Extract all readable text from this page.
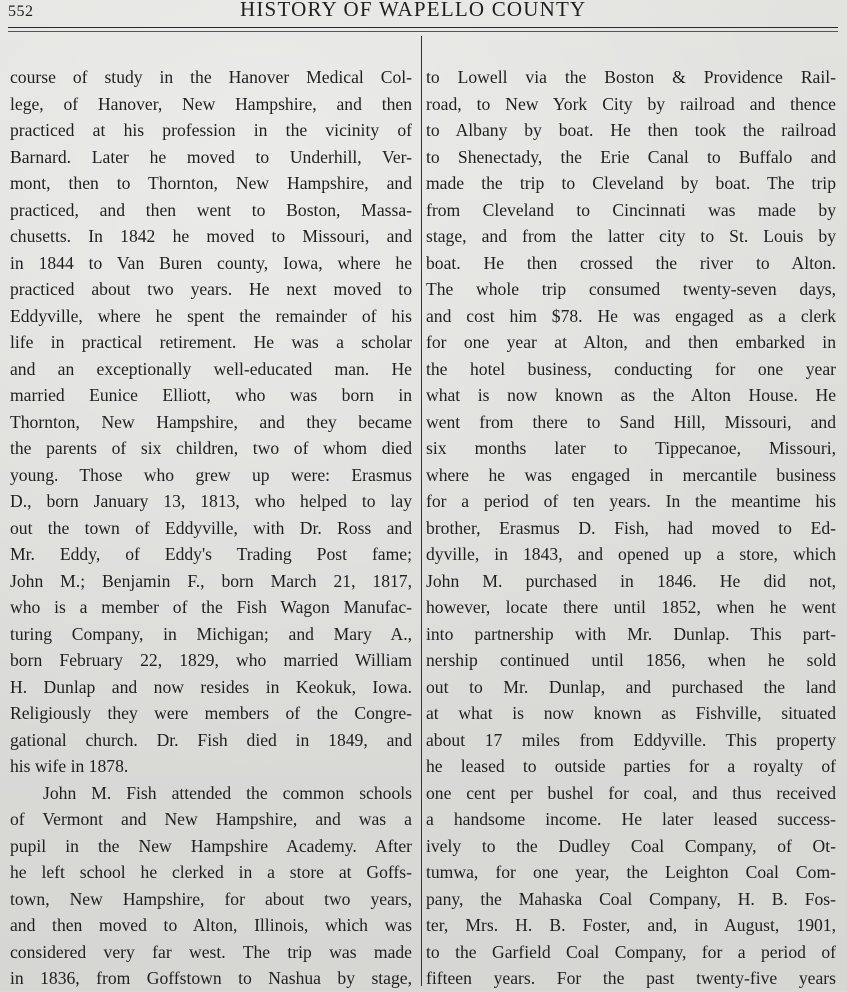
552	HISTORY OF WAPELLO COUNTY
course of study in the Hanover Medical Col-
lege, of Hanover, New Hampshire, and then
practiced at his profession in the vicinity of
Barnard. Later he moved to Underhill, Ver-
mont, then to Thornton, New Hampshire, and
practiced, and then went to Boston, Massa-
chusetts. In 1842 he moved to Missouri, and
in 1844 to Van Buren county, Iowa, where he
practiced about two years. He next moved to
Eddyville, where he spent the remainder of his
life in practical retirement. He was a scholar
and an exceptionally well-educated man. He
married Eunice Elliott, who was born in
Thornton, New Hampshire, and they became
the parents of six children, two of whom died
young. Those who grew up were: Erasmus
D., born January 13, 1813, who helped to lay
out the town of Eddyville, with Dr. Ross and
Mr. Eddy, of Eddy's Trading Post fame;
John M.; Benjamin F., born March 21, 1817,
who is a member of the Fish Wagon Manufac-
turing Company, in Michigan; and Mary A.,
born February 22, 1829, who married William
H. Dunlap and now resides in Keokuk, Iowa.
Religiously they were members of the Congre-
gational church. Dr. Fish died in 1849, and
his wife in 1878.
John M. Fish attended the common schools
of Vermont and New Hampshire, and was a
pupil in the New Hampshire Academy. After
he left school he clerked in a store at Goffs-
town, New Hampshire, for about two years,
and then moved to Alton, Illinois, which was
considered very far west. The trip was made
in 1836, from Goffstown to Nashua by stage,
to Lowell via the Boston & Providence Rail-
road, to New York City by railroad and thence
to Albany by boat. He then took the railroad
to Shenectady, the Erie Canal to Buffalo and
made the trip to Cleveland by boat. The trip
from Cleveland to Cincinnati was made by
stage, and from the latter city to St. Louis by
boat. He then crossed the river to Alton.
The whole trip consumed twenty-seven days,
and cost him $78. He was engaged as a clerk
for one year at Alton, and then embarked in
the hotel business, conducting for one year
what is now known as the Alton House. He
went from there to Sand Hill, Missouri, and
six months later to Tippecanoe, Missouri,
where he was engaged in mercantile business
for a period of ten years. In the meantime his
brother, Erasmus D. Fish, had moved to Ed-
dyville, in 1843, and opened up a store, which
John M. purchased in 1846. He did not,
however, locate there until 1852, when he went
into partnership with Mr. Dunlap. This part-
nership continued until 1856, when he sold
out to Mr. Dunlap, and purchased the land
at what is now known as Fishville, situated
about 17 miles from Eddyville. This property
he leased to outside parties for a royalty of
one cent per bushel for coal, and thus received
a handsome income. He later leased success-
ively to the Dudley Coal Company, of Ot-
tumwa, for one year, the Leighton Coal Com-
pany, the Mahaska Coal Company, H. B. Fos-
ter, Mrs. H. B. Foster, and, in August, 1901,
to the Garfield Coal Company, for a period of
fifteen years. For the past twenty-five years
